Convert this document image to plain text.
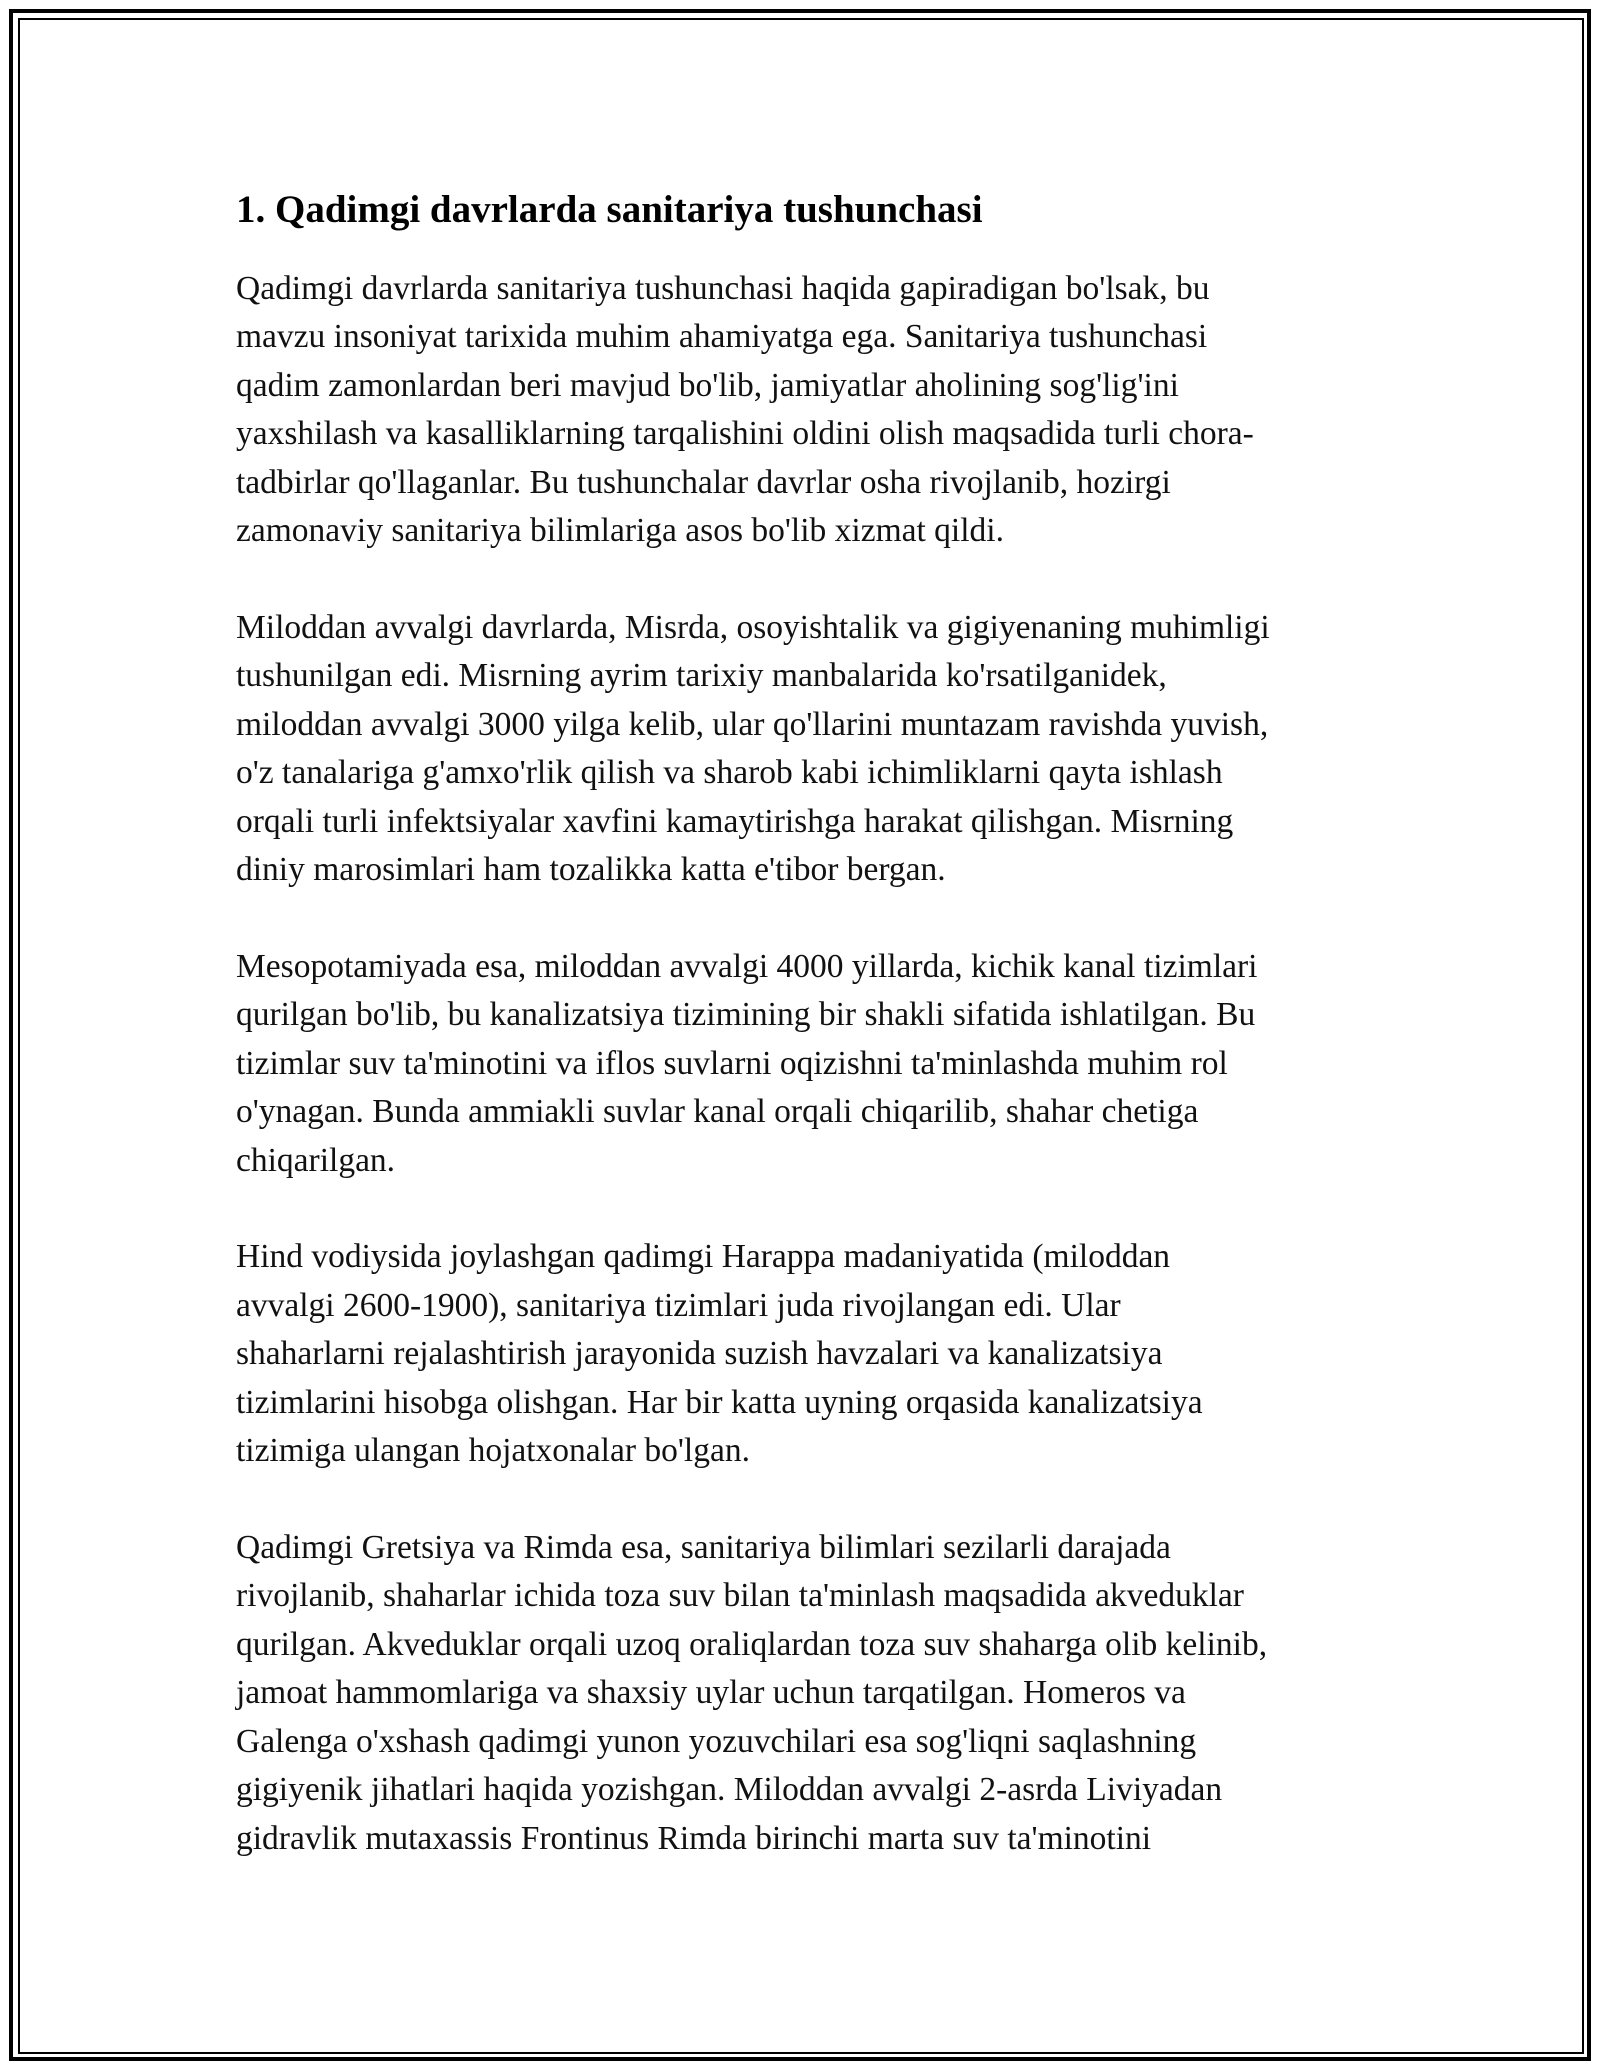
1. Qadimgi davrlarda sanitariya tushunchasi

Qadimgi davrlarda sanitariya tushunchasi haqida gapiradigan bo'lsak, bu
mavzu insoniyat tarixida muhim ahamiyatga ega. Sanitariya tushunchasi
qadim zamonlardan beri mavjud bo'lib, jamiyatlar aholining sog'lig'ini
yaxshilash va kasalliklarning tarqalishini oldini olish maqsadida turli chora-
tadbirlar qo'llaganlar. Bu tushunchalar davrlar osha rivojlanib, hozirgi
zamonaviy sanitariya bilimlariga asos bo'lib xizmat qildi.

Miloddan avvalgi davrlarda, Misrda, osoyishtalik va gigiyenaning muhimligi
tushunilgan edi. Misrning ayrim tarixiy manbalarida ko'rsatilganidek,
miloddan avvalgi 3000 yilga kelib, ular qo'llarini muntazam ravishda yuvish,
o'z tanalariga g'amxo'rlik qilish va sharob kabi ichimliklarni qayta ishlash
orqali turli infektsiyalar xavfini kamaytirishga harakat qilishgan. Misrning
diniy marosimlari ham tozalikka katta e'tibor bergan.

Mesopotamiyada esa, miloddan avvalgi 4000 yillarda, kichik kanal tizimlari
qurilgan bo'lib, bu kanalizatsiya tizimining bir shakli sifatida ishlatilgan. Bu
tizimlar suv ta'minotini va iflos suvlarni oqizishni ta'minlashda muhim rol
o'ynagan. Bunda ammiakli suvlar kanal orqali chiqarilib, shahar chetiga
chiqarilgan.

Hind vodiysida joylashgan qadimgi Harappa madaniyatida (miloddan
avvalgi 2600-1900), sanitariya tizimlari juda rivojlangan edi. Ular
shaharlarni rejalashtirish jarayonida suzish havzalari va kanalizatsiya
tizimlarini hisobga olishgan. Har bir katta uyning orqasida kanalizatsiya
tizimiga ulangan hojatxonalar bo'lgan.

Qadimgi Gretsiya va Rimda esa, sanitariya bilimlari sezilarli darajada
rivojlanib, shaharlar ichida toza suv bilan ta'minlash maqsadida akveduklar
qurilgan. Akveduklar orqali uzoq oraliqlardan toza suv shaharga olib kelinib,
jamoat hammomlariga va shaxsiy uylar uchun tarqatilgan. Homeros va
Galenga o'xshash qadimgi yunon yozuvchilari esa sog'liqni saqlashning
gigiyenik jihatlari haqida yozishgan. Miloddan avvalgi 2-asrda Liviyadan
gidravlik mutaxassis Frontinus Rimda birinchi marta suv ta'minotini
